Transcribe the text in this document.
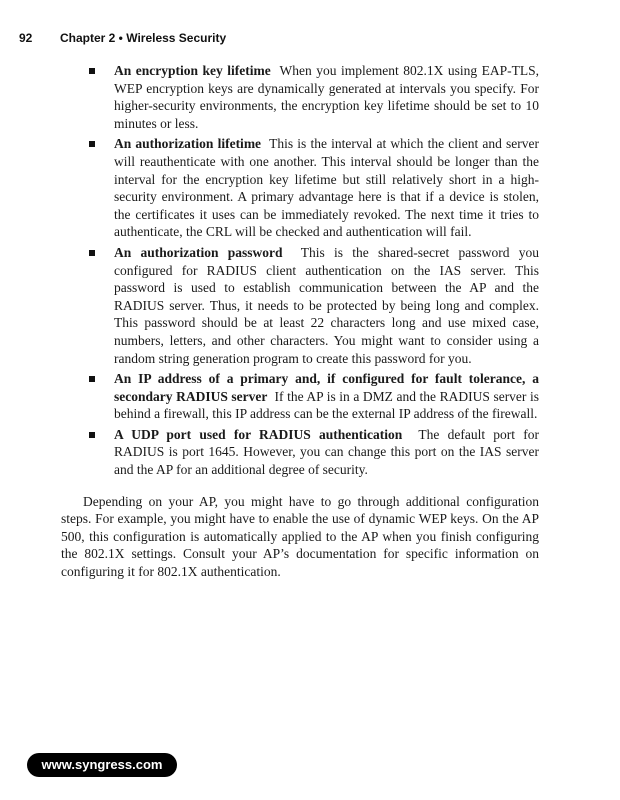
92 Chapter 2 • Wireless Security
An encryption key lifetime When you implement 802.1X using EAP-TLS, WEP encryption keys are dynamically generated at intervals you specify. For higher-security environments, the encryption key lifetime should be set to 10 minutes or less.
An authorization lifetime This is the interval at which the client and server will reauthenticate with one another. This interval should be longer than the interval for the encryption key lifetime but still relatively short in a high-security environment. A primary advantage here is that if a device is stolen, the certificates it uses can be immediately revoked. The next time it tries to authenticate, the CRL will be checked and authentication will fail.
An authorization password This is the shared-secret password you configured for RADIUS client authentication on the IAS server. This password is used to establish communication between the AP and the RADIUS server. Thus, it needs to be protected by being long and complex. This password should be at least 22 characters long and use mixed case, numbers, letters, and other characters. You might want to consider using a random string generation program to create this password for you.
An IP address of a primary and, if configured for fault tolerance, a secondary RADIUS server If the AP is in a DMZ and the RADIUS server is behind a firewall, this IP address can be the external IP address of the firewall.
A UDP port used for RADIUS authentication The default port for RADIUS is port 1645. However, you can change this port on the IAS server and the AP for an additional degree of security.

Depending on your AP, you might have to go through additional configuration steps. For example, you might have to enable the use of dynamic WEP keys. On the AP 500, this configuration is automatically applied to the AP when you finish configuring the 802.1X settings. Consult your AP’s documentation for specific information on configuring it for 802.1X authentication.

www.syngress.com
